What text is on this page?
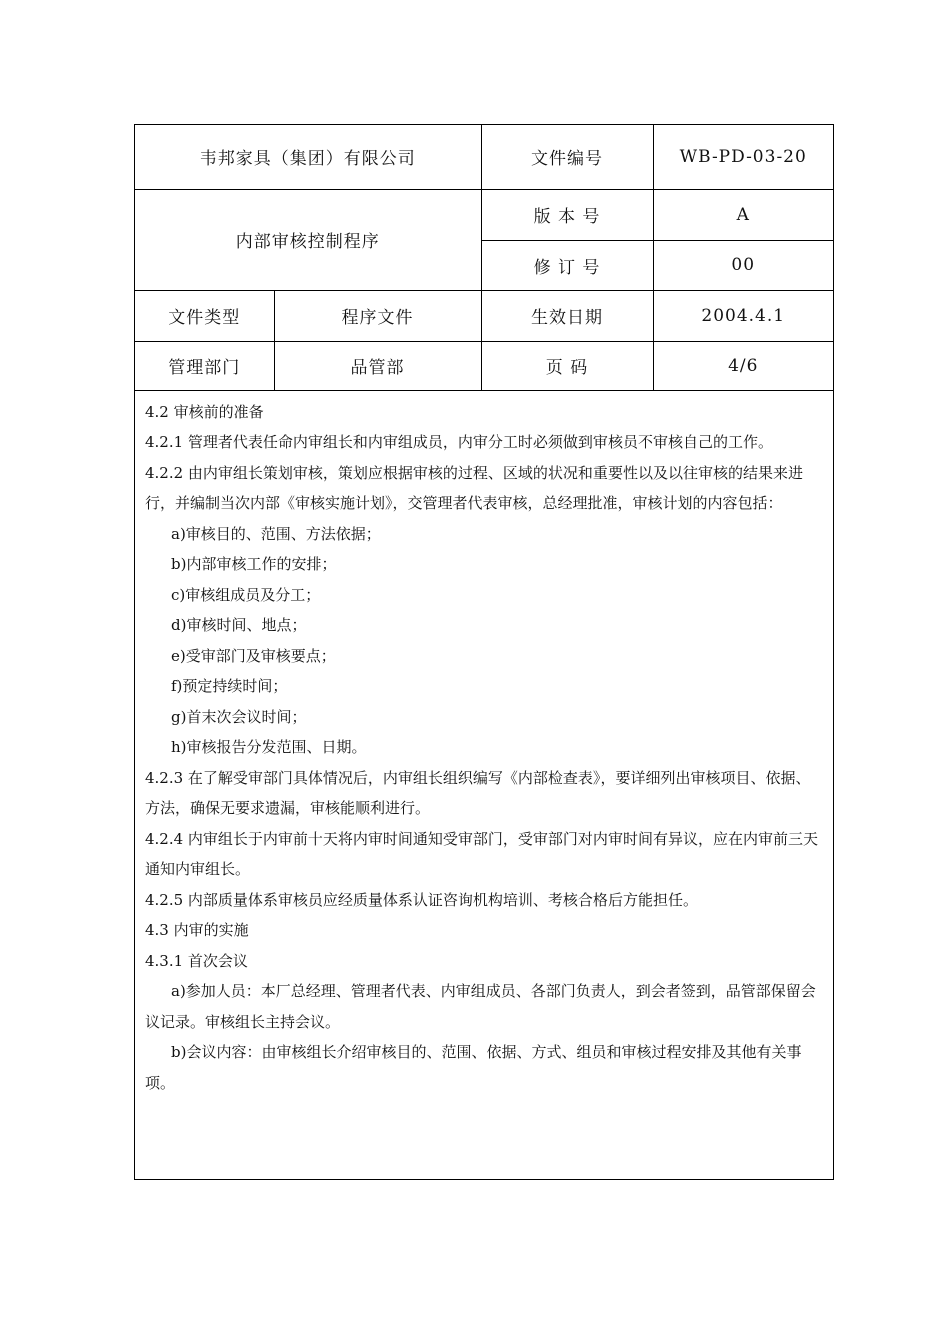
韦邦家具（集团）有限公司		文件编号	WB-PD-03-20
内部审核控制程序		版 本 号	A
		修 订 号	00
文件类型	程序文件	生效日期	2004.4.1
管理部门	品管部	页 码	4/6

4.2 审核前的准备

4.2.1 管理者代表任命内审组长和内审组成员，内审分工时必须做到审核员不审核自己的工作。

4.2.2 由内审组长策划审核，策划应根据审核的过程、区域的状况和重要性以及以往审核的结果来进行，并编制当次内部《审核实施计划》，交管理者代表审核，总经理批准，审核计划的内容包括：

a)审核目的、范围、方法依据；

b)内部审核工作的安排；

c)审核组成员及分工；

d)审核时间、地点；

e)受审部门及审核要点；

f)预定持续时间；

g)首末次会议时间；

h)审核报告分发范围、日期。

4.2.3 在了解受审部门具体情况后，内审组长组织编写《内部检查表》，要详细列出审核项目、依据、方法，确保无要求遗漏，审核能顺利进行。

4.2.4 内审组长于内审前十天将内审时间通知受审部门，受审部门对内审时间有异议，应在内审前三天通知内审组长。

4.2.5 内部质量体系审核员应经质量体系认证咨询机构培训、考核合格后方能担任。

4.3 内审的实施

4.3.1 首次会议

a)参加人员：本厂总经理、管理者代表、内审组成员、各部门负责人，到会者签到，品管部保留会议记录。审核组长主持会议。

b)会议内容：由审核组长介绍审核目的、范围、依据、方式、组员和审核过程安排及其他有关事项。
